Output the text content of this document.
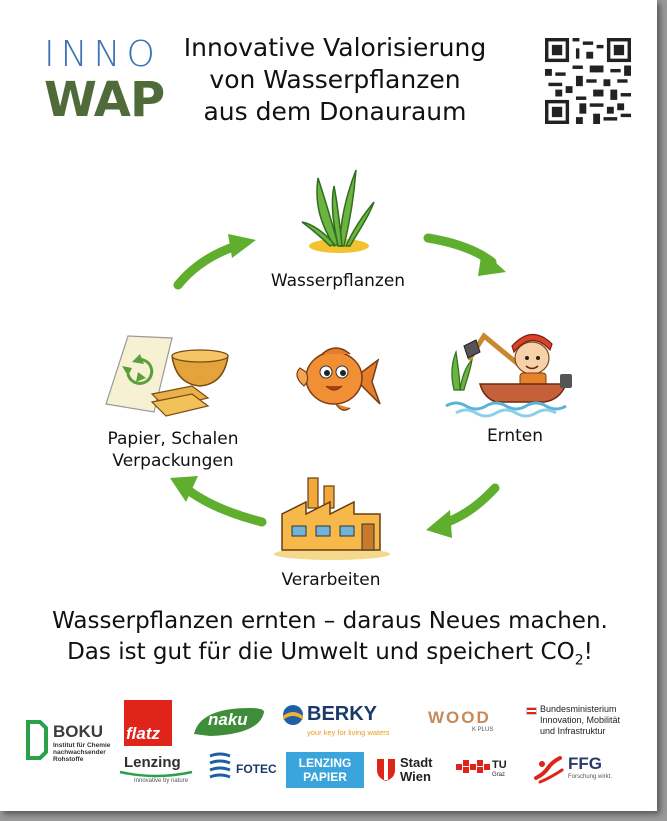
INNO
WAP
Innovative Valorisierung
von Wasserpflanzen
aus dem Donauraum
Wasserpflanzen
Ernten
Verarbeiten
Papier, Schalen
Verpackungen
Wasserpflanzen ernten – daraus Neues machen.
Das ist gut für die Umwelt und speichert $CO_2$!
BOKU
Institut für Chemie
nachwachsender
Rohstoffe
flatz
naku	BERKY
your key for living waters
WOOD
K PLUS
Bundesministerium
Innovation, Mobilität
und Infrastruktur
Lenzing
Innovative by nature
FOTEC	LENZING
PAPIER
Stadt
Wien
TU
Graz
FFG
Forschung wirkt.
